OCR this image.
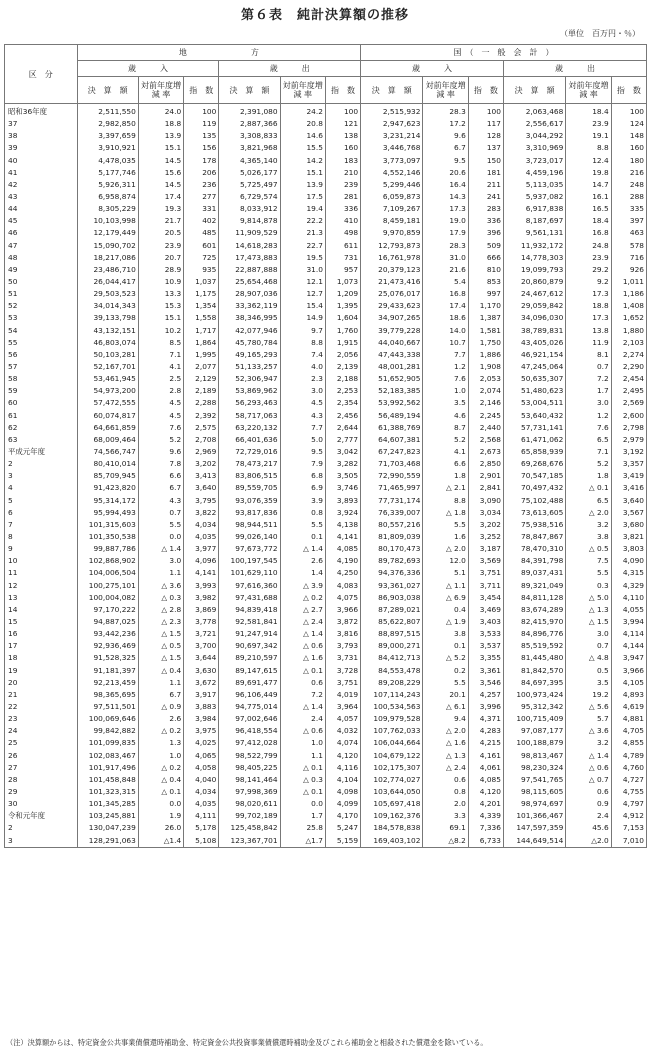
第６表　純計決算額の推移
（単位　百万円・％）
区　分	地　　　　　　　　方						国　（　一　般　会　計　）					
	歳　　　入			歳　　　出			歳　　　入			歳　　　出		
	決　算　額	対前年度増 減 率	指　数	決　算　額	対前年度増 減 率	指　数	決　算　額	対前年度増 減 率	指　数	決　算　額	対前年度増 減 率	指　数
昭和36年度	2,511,550	24.0	100	2,391,080	24.2	100	2,515,932	28.3	100	2,063,468	18.4	100
37	2,982,850	18.8	119	2,887,366	20.8	121	2,947,623	17.2	117	2,556,617	23.9	124
38	3,397,659	13.9	135	3,308,833	14.6	138	3,231,214	9.6	128	3,044,292	19.1	148
39	3,910,921	15.1	156	3,821,968	15.5	160	3,446,768	6.7	137	3,310,969	8.8	160
40	4,478,035	14.5	178	4,365,140	14.2	183	3,773,097	9.5	150	3,723,017	12.4	180
41	5,177,746	15.6	206	5,026,177	15.1	210	4,552,146	20.6	181	4,459,196	19.8	216
42	5,926,311	14.5	236	5,725,497	13.9	239	5,299,446	16.4	211	5,113,035	14.7	248
43	6,958,874	17.4	277	6,729,574	17.5	281	6,059,873	14.3	241	5,937,082	16.1	288
44	8,305,229	19.3	331	8,033,912	19.4	336	7,109,267	17.3	283	6,917,838	16.5	335
45	10,103,998	21.7	402	9,814,878	22.2	410	8,459,181	19.0	336	8,187,697	18.4	397
46	12,179,449	20.5	485	11,909,529	21.3	498	9,970,859	17.9	396	9,561,131	16.8	463
47	15,090,702	23.9	601	14,618,283	22.7	611	12,793,873	28.3	509	11,932,172	24.8	578
48	18,217,086	20.7	725	17,473,883	19.5	731	16,761,978	31.0	666	14,778,303	23.9	716
49	23,486,710	28.9	935	22,887,888	31.0	957	20,379,123	21.6	810	19,099,793	29.2	926
50	26,044,417	10.9	1,037	25,654,468	12.1	1,073	21,473,416	5.4	853	20,860,879	9.2	1,011
51	29,503,523	13.3	1,175	28,907,036	12.7	1,209	25,076,017	16.8	997	24,467,612	17.3	1,186
52	34,014,343	15.3	1,354	33,362,119	15.4	1,395	29,433,623	17.4	1,170	29,059,842	18.8	1,408
53	39,133,798	15.1	1,558	38,346,995	14.9	1,604	34,907,265	18.6	1,387	34,096,030	17.3	1,652
54	43,132,151	10.2	1,717	42,077,946	9.7	1,760	39,779,228	14.0	1,581	38,789,831	13.8	1,880
55	46,803,074	8.5	1,864	45,780,784	8.8	1,915	44,040,667	10.7	1,750	43,405,026	11.9	2,103
56	50,103,281	7.1	1,995	49,165,293	7.4	2,056	47,443,338	7.7	1,886	46,921,154	8.1	2,274
57	52,167,701	4.1	2,077	51,133,257	4.0	2,139	48,001,281	1.2	1,908	47,245,064	0.7	2,290
58	53,461,945	2.5	2,129	52,306,947	2.3	2,188	51,652,905	7.6	2,053	50,635,307	7.2	2,454
59	54,973,200	2.8	2,189	53,869,962	3.0	2,253	52,183,385	1.0	2,074	51,480,623	1.7	2,495
60	57,472,555	4.5	2,288	56,293,463	4.5	2,354	53,992,562	3.5	2,146	53,004,511	3.0	2,569
61	60,074,817	4.5	2,392	58,717,063	4.3	2,456	56,489,194	4.6	2,245	53,640,432	1.2	2,600
62	64,661,859	7.6	2,575	63,220,132	7.7	2,644	61,388,769	8.7	2,440	57,731,141	7.6	2,798
63	68,009,464	5.2	2,708	66,401,636	5.0	2,777	64,607,381	5.2	2,568	61,471,062	6.5	2,979
平成元年度	74,566,747	9.6	2,969	72,729,016	9.5	3,042	67,247,823	4.1	2,673	65,858,939	7.1	3,192
2	80,410,014	7.8	3,202	78,473,217	7.9	3,282	71,703,468	6.6	2,850	69,268,676	5.2	3,357
3	85,709,945	6.6	3,413	83,806,515	6.8	3,505	72,990,559	1.8	2,901	70,547,185	1.8	3,419
4	91,423,820	6.7	3,640	89,559,705	6.9	3,746	71,465,997	△ 2.1	2,841	70,497,432	△ 0.1	3,416
5	95,314,172	4.3	3,795	93,076,359	3.9	3,893	77,731,174	8.8	3,090	75,102,488	6.5	3,640
6	95,994,493	0.7	3,822	93,817,836	0.8	3,924	76,339,007	△ 1.8	3,034	73,613,605	△ 2.0	3,567
7	101,315,603	5.5	4,034	98,944,511	5.5	4,138	80,557,216	5.5	3,202	75,938,516	3.2	3,680
8	101,350,538	0.0	4,035	99,026,140	0.1	4,141	81,809,039	1.6	3,252	78,847,867	3.8	3,821
9	99,887,786	△ 1.4	3,977	97,673,772	△ 1.4	4,085	80,170,473	△ 2.0	3,187	78,470,310	△ 0.5	3,803
10	102,868,902	3.0	4,096	100,197,545	2.6	4,190	89,782,693	12.0	3,569	84,391,798	7.5	4,090
11	104,006,504	1.1	4,141	101,629,110	1.4	4,250	94,376,336	5.1	3,751	89,037,431	5.5	4,315
12	100,275,101	△ 3.6	3,993	97,616,360	△ 3.9	4,083	93,361,027	△ 1.1	3,711	89,321,049	0.3	4,329
13	100,004,082	△ 0.3	3,982	97,431,688	△ 0.2	4,075	86,903,038	△ 6.9	3,454	84,811,128	△ 5.0	4,110
14	97,170,222	△ 2.8	3,869	94,839,418	△ 2.7	3,966	87,289,021	0.4	3,469	83,674,289	△ 1.3	4,055
15	94,887,025	△ 2.3	3,778	92,581,841	△ 2.4	3,872	85,622,807	△ 1.9	3,403	82,415,970	△ 1.5	3,994
16	93,442,236	△ 1.5	3,721	91,247,914	△ 1.4	3,816	88,897,515	3.8	3,533	84,896,776	3.0	4,114
17	92,936,469	△ 0.5	3,700	90,697,342	△ 0.6	3,793	89,000,271	0.1	3,537	85,519,592	0.7	4,144
18	91,528,325	△ 1.5	3,644	89,210,597	△ 1.6	3,731	84,412,713	△ 5.2	3,355	81,445,480	△ 4.8	3,947
19	91,181,397	△ 0.4	3,630	89,147,615	△ 0.1	3,728	84,553,478	0.2	3,361	81,842,570	0.5	3,966
20	92,213,459	1.1	3,672	89,691,477	0.6	3,751	89,208,229	5.5	3,546	84,697,395	3.5	4,105
21	98,365,695	6.7	3,917	96,106,449	7.2	4,019	107,114,243	20.1	4,257	100,973,424	19.2	4,893
22	97,511,501	△ 0.9	3,883	94,775,014	△ 1.4	3,964	100,534,563	△ 6.1	3,996	95,312,342	△ 5.6	4,619
23	100,069,646	2.6	3,984	97,002,646	2.4	4,057	109,979,528	9.4	4,371	100,715,409	5.7	4,881
24	99,842,882	△ 0.2	3,975	96,418,554	△ 0.6	4,032	107,762,033	△ 2.0	4,283	97,087,177	△ 3.6	4,705
25	101,099,835	1.3	4,025	97,412,028	1.0	4,074	106,044,664	△ 1.6	4,215	100,188,879	3.2	4,855
26	102,083,467	1.0	4,065	98,522,799	1.1	4,120	104,679,122	△ 1.3	4,161	98,813,467	△ 1.4	4,789
27	101,917,496	△ 0.2	4,058	98,405,225	△ 0.1	4,116	102,175,307	△ 2.4	4,061	98,230,324	△ 0.6	4,760
28	101,458,848	△ 0.4	4,040	98,141,464	△ 0.3	4,104	102,774,027	0.6	4,085	97,541,765	△ 0.7	4,727
29	101,323,315	△ 0.1	4,034	97,998,369	△ 0.1	4,098	103,644,050	0.8	4,120	98,115,605	0.6	4,755
30	101,345,285	0.0	4,035	98,020,611	0.0	4,099	105,697,418	2.0	4,201	98,974,697	0.9	4,797
令和元年度	103,245,881	1.9	4,111	99,702,189	1.7	4,170	109,162,376	3.3	4,339	101,366,467	2.4	4,912
2	130,047,239	26.0	5,178	125,458,842	25.8	5,247	184,578,838	69.1	7,336	147,597,359	45.6	7,153
3	128,291,063	△1.4	5,108	123,367,701	△1.7	5,159	169,403,102	△8.2	6,733	144,649,514	△2.0	7,010
（注）決算額からは、特定資金公共事業債償還時補助金、特定資金公共投資事業債償還時補助金及びこれら補助金と相殺された償還金を除いている。
